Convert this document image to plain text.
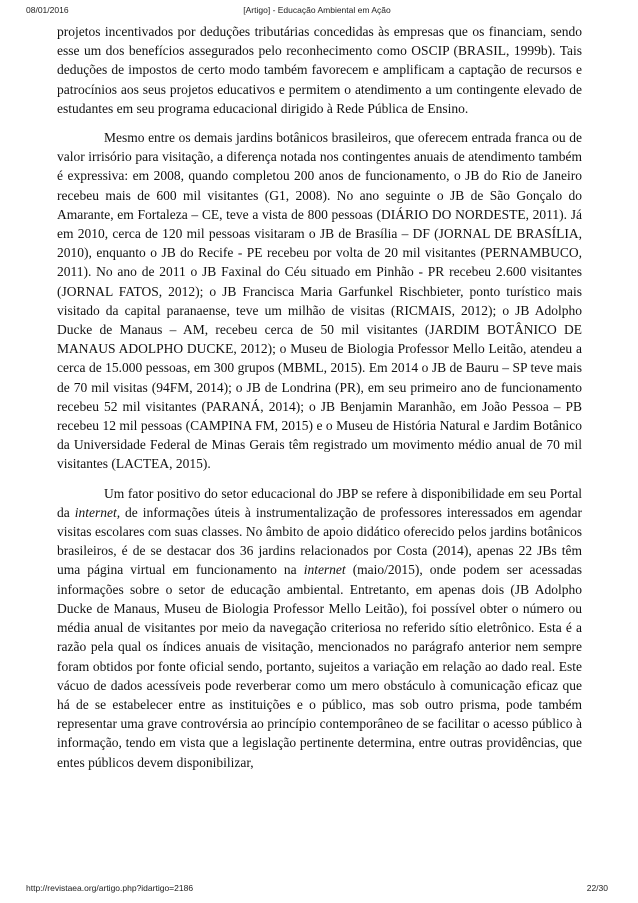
08/01/2016	[Artigo] - Educação Ambiental em Ação

projetos incentivados por deduções tributárias concedidas às empresas que os financiam, sendo esse um dos benefícios assegurados pelo reconhecimento como OSCIP (BRASIL, 1999b). Tais deduções de impostos de certo modo também favorecem e amplificam a captação de recursos e patrocínios aos seus projetos educativos e permitem o atendimento a um contingente elevado de estudantes em seu programa educacional dirigido à Rede Pública de Ensino.

Mesmo entre os demais jardins botânicos brasileiros, que oferecem entrada franca ou de valor irrisório para visitação, a diferença notada nos contingentes anuais de atendimento também é expressiva: em 2008, quando completou 200 anos de funcionamento, o JB do Rio de Janeiro recebeu mais de 600 mil visitantes (G1, 2008). No ano seguinte o JB de São Gonçalo do Amarante, em Fortaleza – CE, teve a vista de 800 pessoas (DIÁRIO DO NORDESTE, 2011). Já em 2010, cerca de 120 mil pessoas visitaram o JB de Brasília – DF (JORNAL DE BRASÍLIA, 2010), enquanto o JB do Recife - PE recebeu por volta de 20 mil visitantes (PERNAMBUCO, 2011). No ano de 2011 o JB Faxinal do Céu situado em Pinhão - PR recebeu 2.600 visitantes (JORNAL FATOS, 2012); o JB Francisca Maria Garfunkel Rischbieter, ponto turístico mais visitado da capital paranaense, teve um milhão de visitas (RICMAIS, 2012); o JB Adolpho Ducke de Manaus – AM, recebeu cerca de 50 mil visitantes (JARDIM BOTÂNICO DE MANAUS ADOLPHO DUCKE, 2012); o Museu de Biologia Professor Mello Leitão, atendeu a cerca de 15.000 pessoas, em 300 grupos (MBML, 2015). Em 2014 o JB de Bauru – SP teve mais de 70 mil visitas (94FM, 2014); o JB de Londrina (PR), em seu primeiro ano de funcionamento recebeu 52 mil visitantes (PARANÁ, 2014); o JB Benjamin Maranhão, em João Pessoa – PB recebeu 12 mil pessoas (CAMPINA FM, 2015) e o Museu de História Natural e Jardim Botânico da Universidade Federal de Minas Gerais têm registrado um movimento médio anual de 70 mil visitantes (LACTEA, 2015).

Um fator positivo do setor educacional do JBP se refere à disponibilidade em seu Portal da internet, de informações úteis à instrumentalização de professores interessados em agendar visitas escolares com suas classes. No âmbito de apoio didático oferecido pelos jardins botânicos brasileiros, é de se destacar dos 36 jardins relacionados por Costa (2014), apenas 22 JBs têm uma página virtual em funcionamento na internet (maio/2015), onde podem ser acessadas informações sobre o setor de educação ambiental. Entretanto, em apenas dois (JB Adolpho Ducke de Manaus, Museu de Biologia Professor Mello Leitão), foi possível obter o número ou média anual de visitantes por meio da navegação criteriosa no referido sítio eletrônico. Esta é a razão pela qual os índices anuais de visitação, mencionados no parágrafo anterior nem sempre foram obtidos por fonte oficial sendo, portanto, sujeitos a variação em relação ao dado real. Este vácuo de dados acessíveis pode reverberar como um mero obstáculo à comunicação eficaz que há de se estabelecer entre as instituições e o público, mas sob outro prisma, pode também representar uma grave controvérsia ao princípio contemporâneo de se facilitar o acesso público à informação, tendo em vista que a legislação pertinente determina, entre outras providências, que entes públicos devem disponibilizar,

http://revistaea.org/artigo.php?idartigo=2186	22/30
